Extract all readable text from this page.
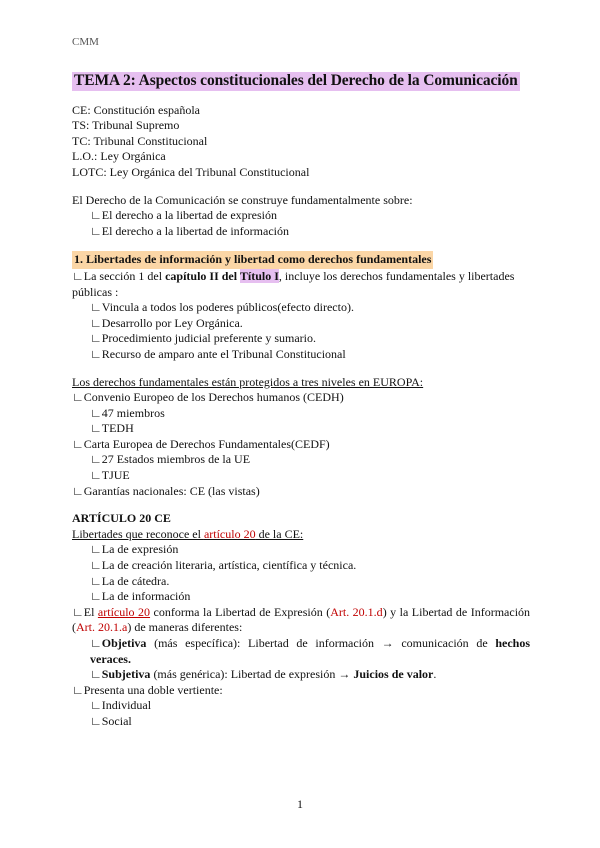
CMM
TEMA 2: Aspectos constitucionales del Derecho de la Comunicación
CE: Constitución española
TS: Tribunal Supremo
TC: Tribunal Constitucional
L.O.: Ley Orgánica
LOTC: Ley Orgánica del Tribunal Constitucional
El Derecho de la Comunicación se construye fundamentalmente sobre:
∟El derecho a la libertad de expresión
∟El derecho a la libertad de información
1. Libertades de información y libertad como derechos fundamentales
∟La sección 1 del capítulo II del Título I, incluye los derechos fundamentales y libertades
públicas :
∟Vincula a todos los poderes públicos(efecto directo).
∟Desarrollo por Ley Orgánica.
∟Procedimiento judicial preferente y sumario.
∟Recurso de amparo ante el Tribunal Constitucional
Los derechos fundamentales están protegidos a tres niveles en EUROPA:
∟Convenio Europeo de los Derechos humanos (CEDH)
∟47 miembros
∟TEDH
∟Carta Europea de Derechos Fundamentales(CEDF)
∟27 Estados miembros de la UE
∟TJUE
∟Garantías nacionales: CE (las vistas)
ARTÍCULO 20 CE
Libertades que reconoce el artículo 20 de la CE:
∟La de expresión
∟La de creación literaria, artística, científica y técnica.
∟La de cátedra.
∟La de información
∟El artículo 20 conforma la Libertad de Expresión (Art. 20.1.d) y la Libertad de Información (Art. 20.1.a) de maneras diferentes:
∟Objetiva (más específica): Libertad de información → comunicación de hechos veraces.
∟Subjetiva (más genérica): Libertad de expresión → Juicios de valor.
∟Presenta una doble vertiente:
∟Individual
∟Social
1
